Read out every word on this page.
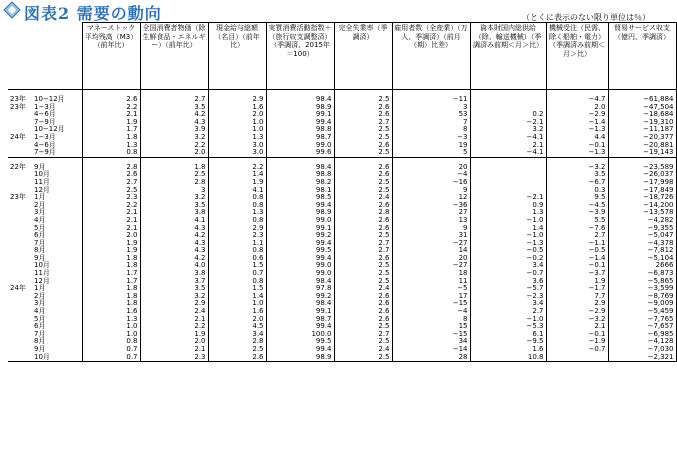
図表2 需要の動向	（とくに表示のない限り単位は％）
	マネーストック平均残高（M3）（前年比）	全国消費者物価（除生鮮食品・エネルギー）（前年比）	現金給与総額（名目）（前年比）	実質消費活動指数＋（旅行収支調整済）（季調済、2015年＝100）	完全失業率（季調済）	雇用者数（全産業）（万人、季調済）（前月（期）比差）	資本財国内総供給（除、輸送機械）（季調済み前期＜月＞比）	機械受注（民需、除く船舶・電力）（季調済み前期＜月＞比）	貿易サービス収支（億円、季調済）

23年 10−12月	2.6	2.7	2.9	98.4	2.5	−11		−4.7	−61,884
23年 1−3月	2.2	3.5	1.6	98.9	2.6	3		2.0	−47,504
4−6月	2.1	4.2	2.0	99.1	2.6	53	0.2	−2.9	−18,684
7−9月	1.9	4.3	1.0	99.4	2.7	7	−2.1	−1.4	−19,310
10−12月	1.7	3.9	1.0	98.8	2.5	8	3.2	−1.3	−11,187
24年 1−3月	1.8	3.2	1.3	98.7	2.5	−3	−4.1	4.4	−20,377
4−6月	1.3	2.2	3.0	99.0	2.6	19	2.1	−0.1	−20,881
7−9月	0.8	2.0	3.0	99.6	2.5	5	−4.1	−1.3	−19,143

22年 9月	2.8	1.8	2.2	98.4	2.6	20		−3.2	−23,589
10月	2.6	2.5	1.4	98.8	2.6	−4		3.5	−26,037
11月	2.7	2.8	1.9	98.2	2.5	−16		−6.7	−17,998
12月	2.5	3	4.1	98.1	2.5	9		0.3	−17,849
23年 1月	2.3	3.2	0.8	98.5	2.4	12	−2.1	9.5	−18,726
2月	2.2	3.5	0.8	99.4	2.6	−36	0.9	−4.5	−14,200
3月	2.1	3.8	1.3	98.9	2.8	27	1.3	−3.9	−13,578
4月	2.1	4.1	0.8	99.0	2.6	13	−1.0	5.5	−4,282
5月	2.1	4.3	2.9	99.1	2.6	9	1.4	−7.6	−9,355
6月	2.0	4.2	2.3	99.2	2.5	31	−1.0	2.7	−5,047
7月	1.9	4.3	1.1	99.4	2.7	−27	−1.3	−1.1	−4,378
8月	1.9	4.3	0.8	99.5	2.7	14	−0.5	−0.5	−7,812
9月	1.8	4.2	0.6	99.4	2.6	20	−0.2	−1.4	−5,104
10月	1.8	4.0	1.5	99.0	2.5	−27	3.4	−0.1	2666
11月	1.7	3.8	0.7	99.0	2.5	18	−0.7	−3.7	−6,873
12月	1.7	3.7	0.8	98.4	2.5	11	3.6	1.9	−5,865
24年 1月	1.8	3.5	1.5	97.8	2.4	−5	−5.7	−1.7	−3,599
2月	1.8	3.2	1.4	99.2	2.6	17	−2.3	7.7	−8,769
3月	1.8	2.9	1.0	98.4	2.6	−15	3.4	2.9	−9,009
4月	1.6	2.4	1.6	99.1	2.6	−4	2.7	−2.9	−5,459
5月	1.3	2.1	2.0	98.7	2.6	8	−1.0	−3.2	−7,765
6月	1.0	2.2	4.5	99.4	2.5	15	−5.3	2.1	−7,657
7月	1.0	1.9	3.4	100.0	2.7	−15	6.1	−0.1	−6,985
8月	0.8	2.0	2.8	99.5	2.5	34	−9.5	−1.9	−4,128
9月	0.7	2.1	2.5	99.4	2.4	−14	1.6	−0.7	−7,030
10月	0.7	2.3	2.6	98.9	2.5	28	10.8		−2,321
